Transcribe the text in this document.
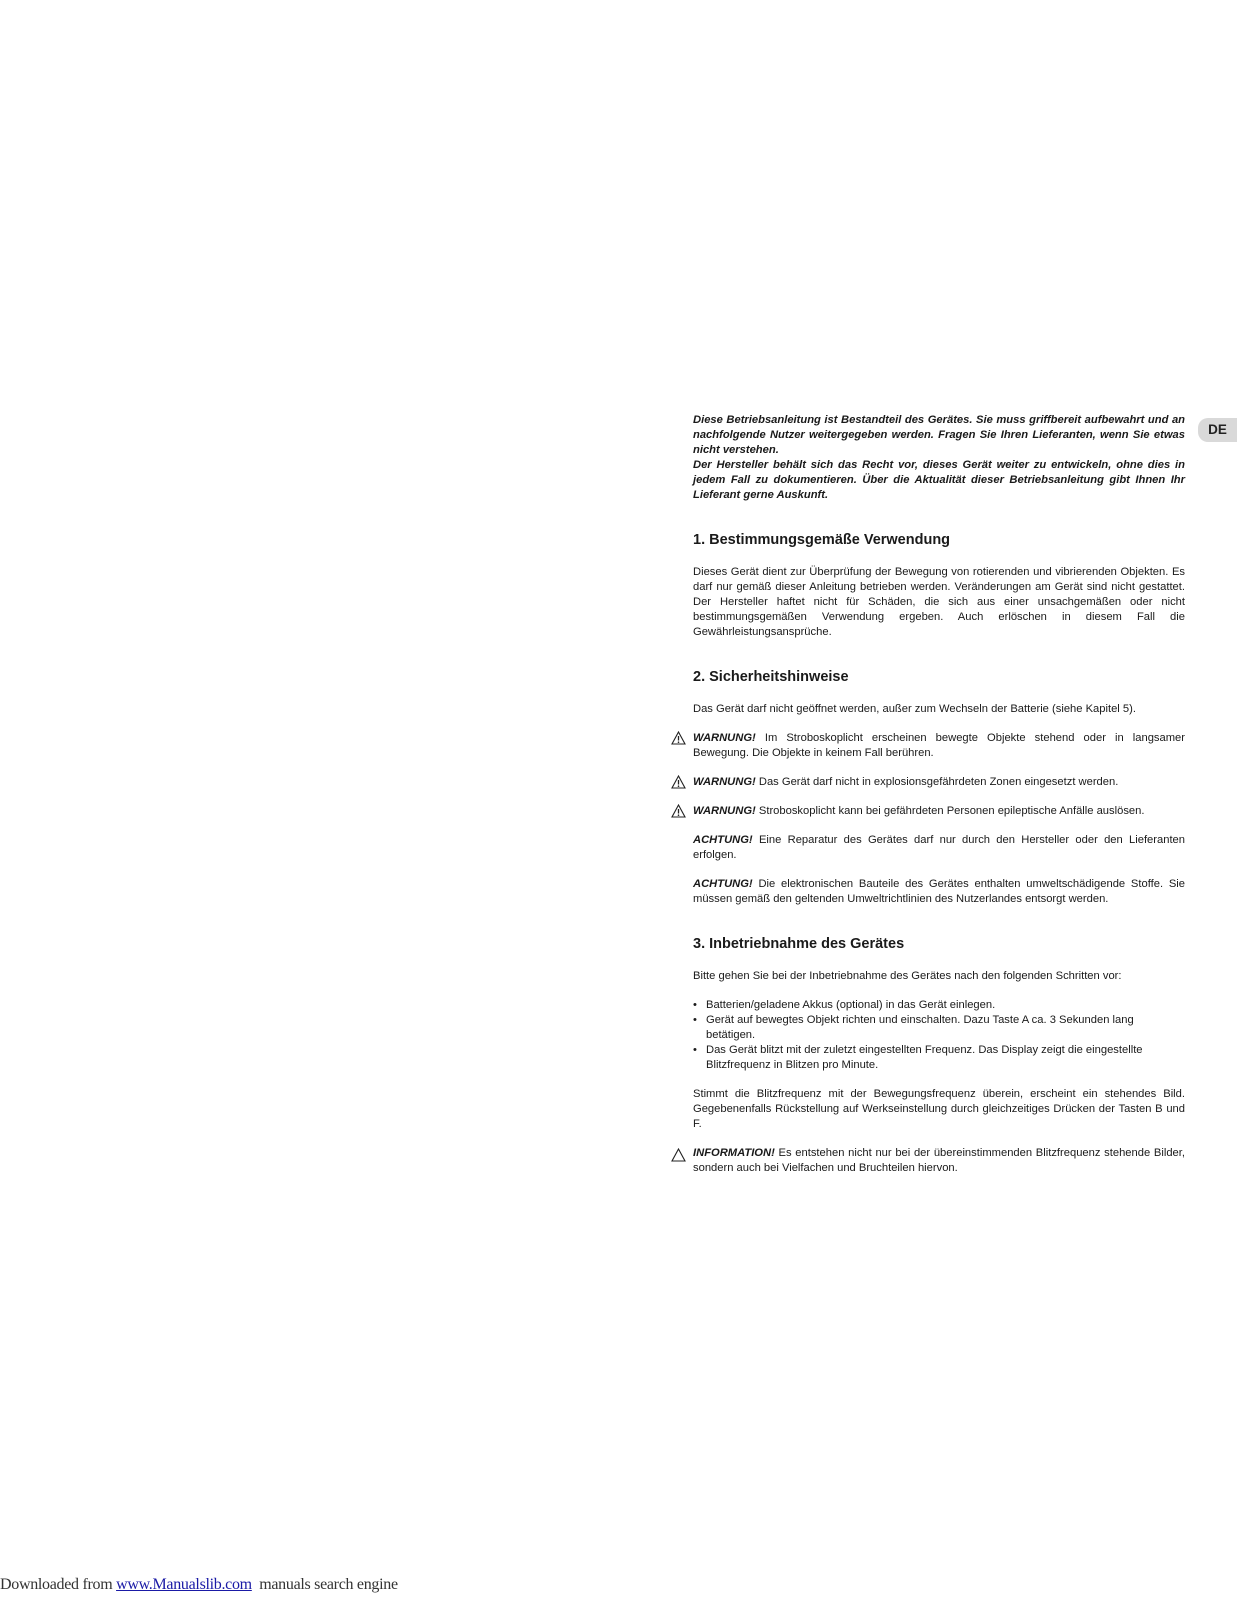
DE

Diese Betriebsanleitung ist Bestandteil des Gerätes. Sie muss griffbereit aufbewahrt und an nachfolgende Nutzer weitergegeben werden. Fragen Sie Ihren Lieferanten, wenn Sie etwas nicht verstehen.

Der Hersteller behält sich das Recht vor, dieses Gerät weiter zu entwickeln, ohne dies in jedem Fall zu dokumentieren. Über die Aktualität dieser Betriebsanleitung gibt Ihnen Ihr Lieferant gerne Auskunft.

1. Bestimmungsgemäße Verwendung

Dieses Gerät dient zur Überprüfung der Bewegung von rotierenden und vibrierenden Objekten. Es darf nur gemäß dieser Anleitung betrieben werden. Veränderungen am Gerät sind nicht gestattet. Der Hersteller haftet nicht für Schäden, die sich aus einer unsachgemäßen oder nicht bestimmungsgemäßen Verwendung ergeben. Auch erlöschen in diesem Fall die Gewährleistungsansprüche.

2. Sicherheitshinweise

Das Gerät darf nicht geöffnet werden, außer zum Wechseln der Batterie (siehe Kapitel 5).

WARNUNG! Im Stroboskoplicht erscheinen bewegte Objekte stehend oder in langsamer Bewegung. Die Objekte in keinem Fall berühren.
WARNUNG! Das Gerät darf nicht in explosionsgefährdeten Zonen eingesetzt werden.
WARNUNG! Stroboskoplicht kann bei gefährdeten Personen epileptische Anfälle auslösen.
ACHTUNG! Eine Reparatur des Gerätes darf nur durch den Hersteller oder den Lieferanten erfolgen.
ACHTUNG! Die elektronischen Bauteile des Gerätes enthalten umweltschädigende Stoffe. Sie müssen gemäß den geltenden Umweltrichtlinien des Nutzerlandes entsorgt werden.
3. Inbetriebnahme des Gerätes

Bitte gehen Sie bei der Inbetriebnahme des Gerätes nach den folgenden Schritten vor:

• Batterien/geladene Akkus (optional) in das Gerät einlegen.
• Gerät auf bewegtes Objekt richten und einschalten. Dazu Taste A ca. 3 Sekunden lang betätigen.
• Das Gerät blitzt mit der zuletzt eingestellten Frequenz. Das Display zeigt die eingestellte Blitzfrequenz in Blitzen pro Minute.

Stimmt die Blitzfrequenz mit der Bewegungsfrequenz überein, erscheint ein stehendes Bild. Gegebenenfalls Rückstellung auf Werkseinstellung durch gleichzeitiges Drücken der Tasten B und F.

INFORMATION! Es entstehen nicht nur bei der übereinstimmenden Blitzfrequenz stehende Bilder, sondern auch bei Vielfachen und Bruchteilen hiervon.
Downloaded from www.Manualslib.com  manuals search engine
